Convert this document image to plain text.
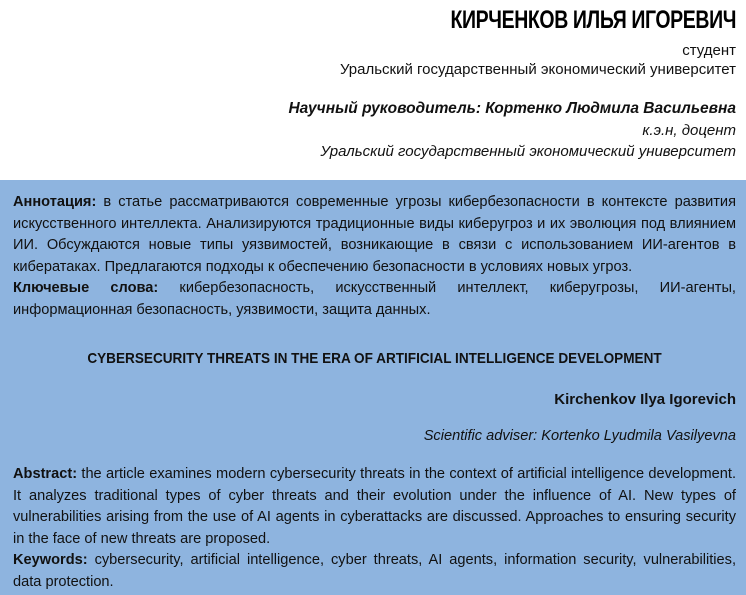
КИРЧЕНКОВ ИЛЬЯ ИГОРЕВИЧ
студент
Уральский государственный экономический университет
Научный руководитель: Кортенко Людмила Васильевна
к.э.н, доцент
Уральский государственный экономический университет

Аннотация: в статье рассматриваются современные угрозы кибербезопасности в контексте развития искусственного интеллекта. Анализируются традиционные виды киберугроз и их эволюция под влиянием ИИ. Обсуждаются новые типы уязвимостей, возникающие в связи с использованием ИИ-агентов в кибератаках. Предлагаются подходы к обеспечению безопасности в условиях новых угроз.

Ключевые слова: кибербезопасность, искусственный интеллект, киберугрозы, ИИ-агенты, информационная безопасность, уязвимости, защита данных.

CYBERSECURITY THREATS IN THE ERA OF ARTIFICIAL INTELLIGENCE DEVELOPMENT
Kirchenkov Ilya Igorevich
Scientific adviser: Kortenko Lyudmila Vasilyevna

Abstract: the article examines modern cybersecurity threats in the context of artificial intelligence development. It analyzes traditional types of cyber threats and their evolution under the influence of AI. New types of vulnerabilities arising from the use of AI agents in cyberattacks are discussed. Approaches to ensuring security in the face of new threats are proposed.

Keywords: cybersecurity, artificial intelligence, cyber threats, AI agents, information security, vulnerabilities, data protection.
